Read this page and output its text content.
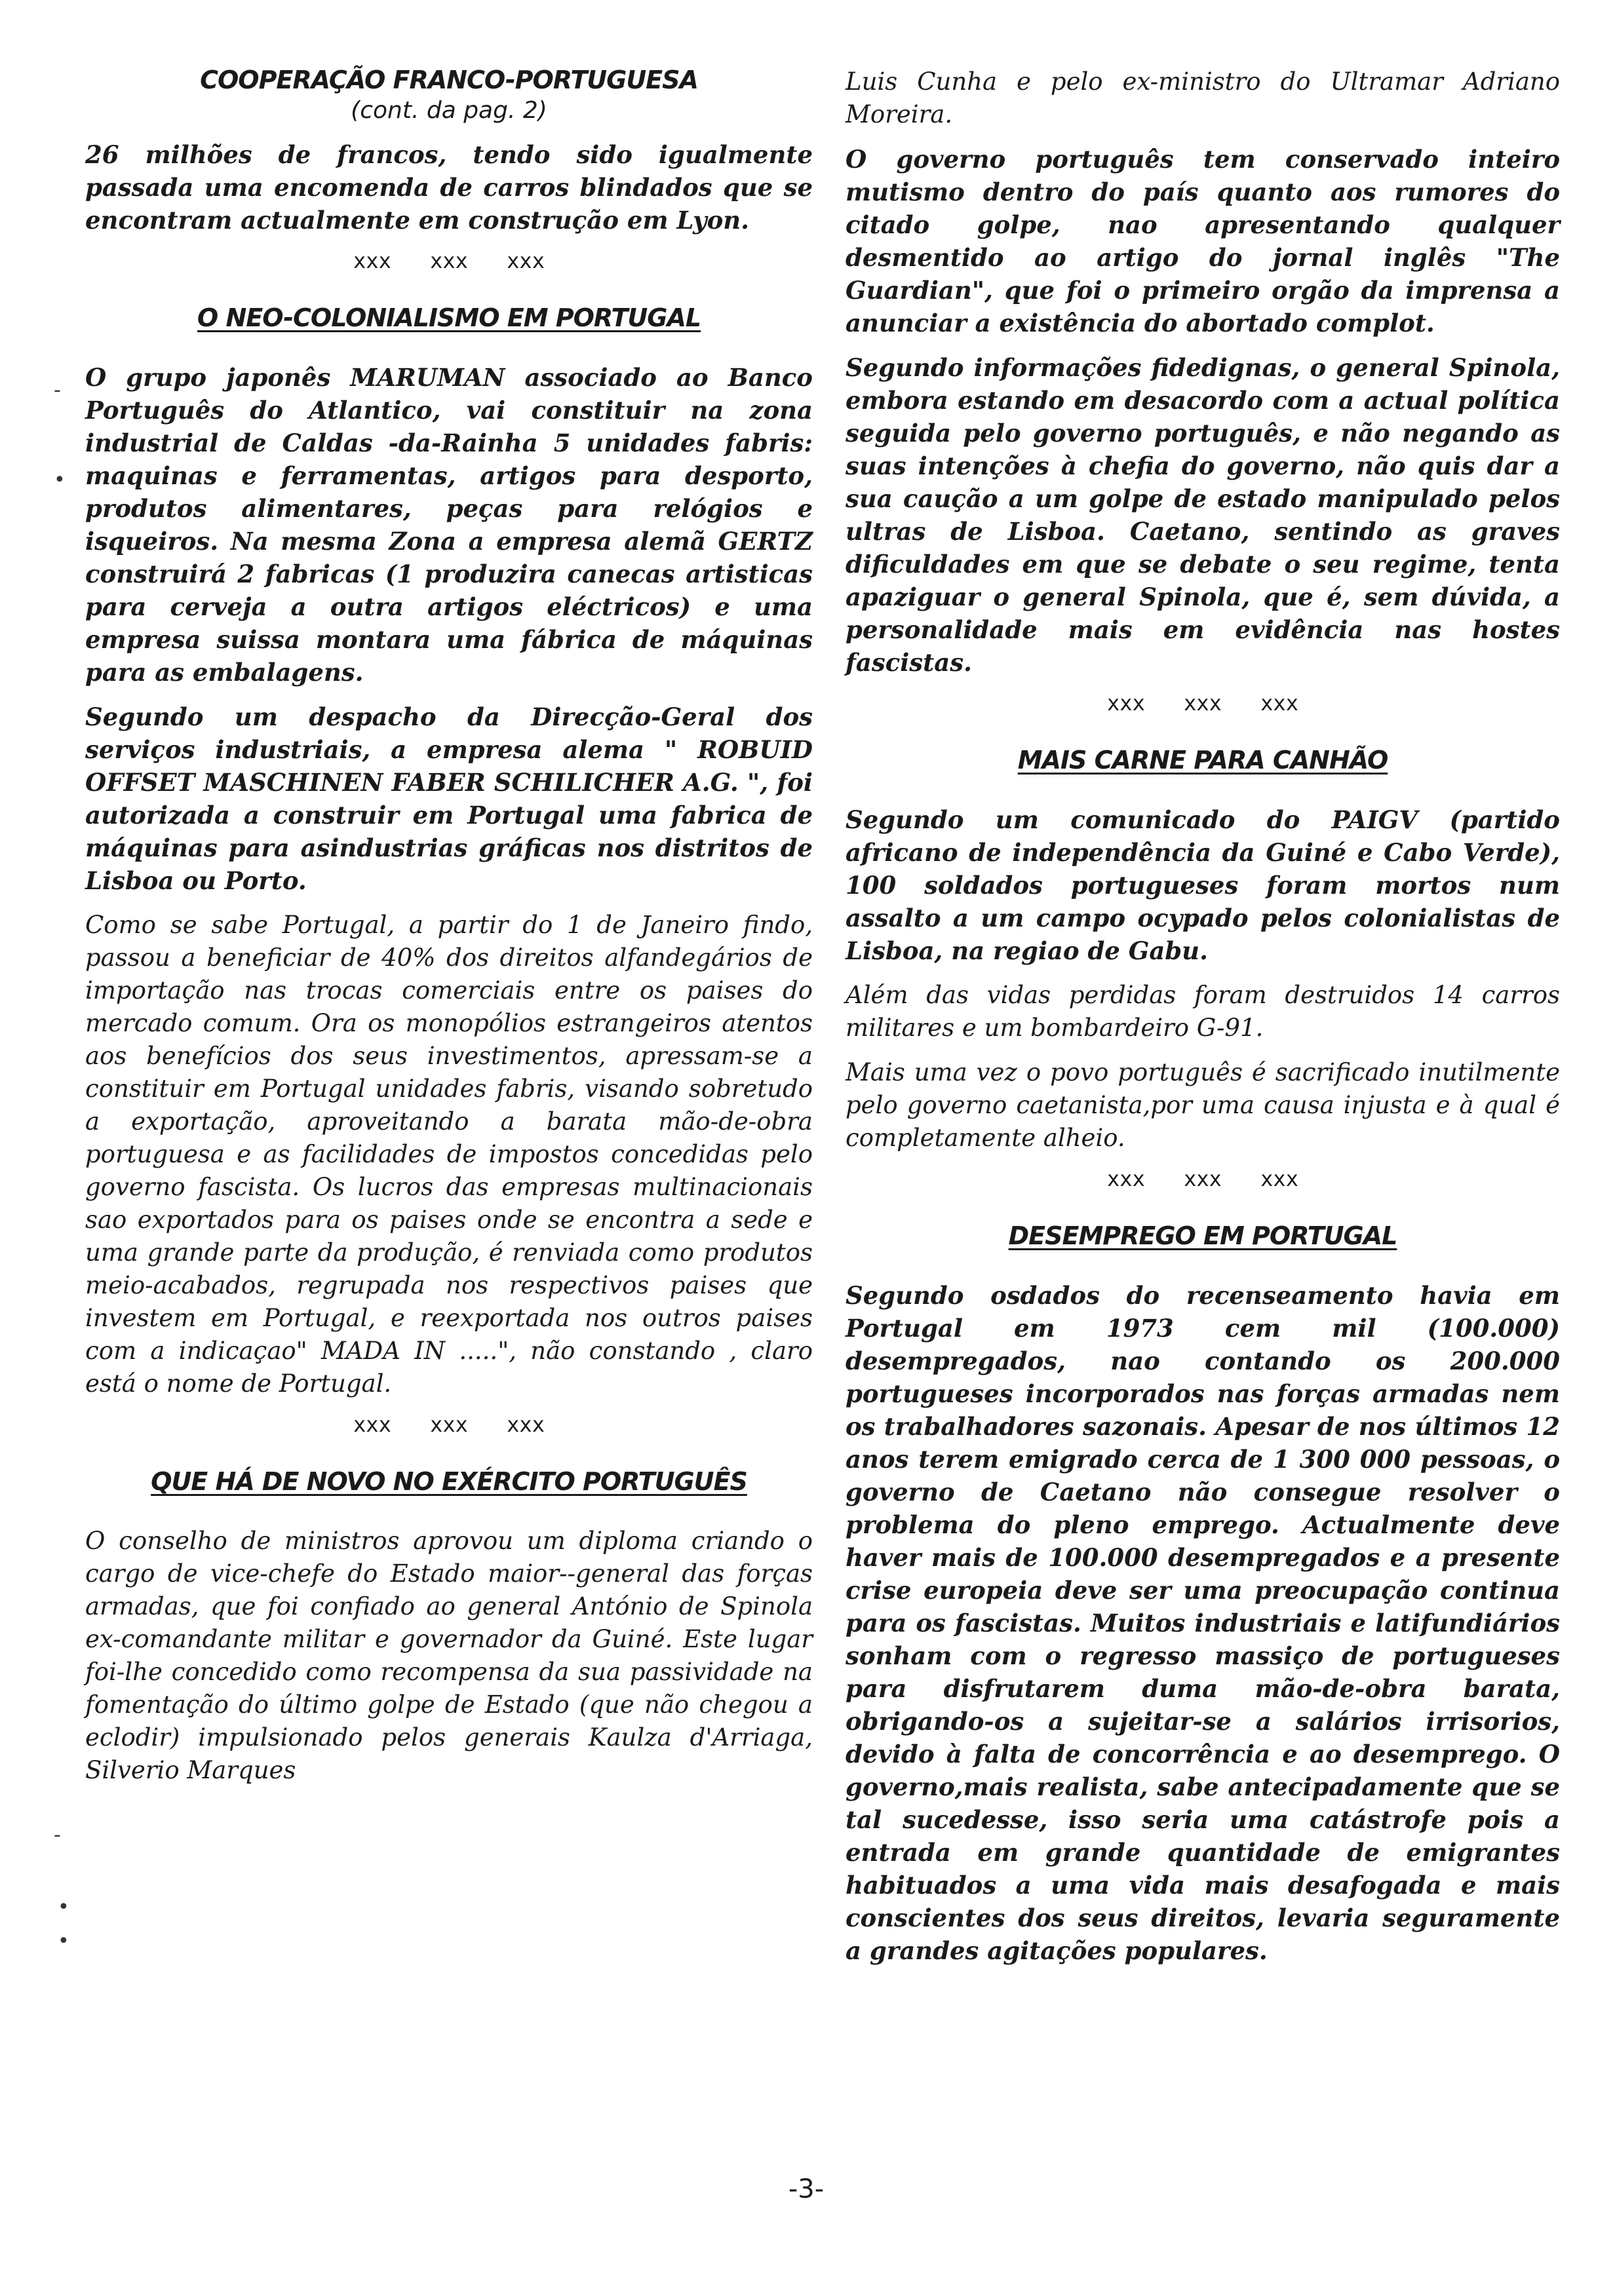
COOPERAÇÃO FRANCO-PORTUGUESA
(cont. da pag. 2)

26 milhões de francos, tendo sido igualmente passada uma encomenda de carros blindados que se encontram actualmente em construção em Lyon.

xxx xxx xxx
O NEO-COLONIALISMO EM PORTUGAL

O grupo japonês MARUMAN associado ao Banco Português do Atlantico, vai constituir na zona industrial de Caldas -da-Rainha 5 unidades fabris: maquinas e ferramentas, artigos para desporto, produtos alimentares, peças para relógios e isqueiros. Na mesma Zona a empresa alemã GERTZ construirá 2 fabricas (1 produzira canecas artisticas para cerveja a outra artigos eléctricos) e uma empresa suissa montara uma fábrica de máquinas para as embalagens.

Segundo um despacho da Direcção-Geral dos serviços industriais, a empresa alema " ROBUID OFFSET MASCHINEN FABER SCHILICHER A.G. ", foi autorizada a construir em Portugal uma fabrica de máquinas para asindustrias gráficas nos distritos de Lisboa ou Porto.

Como se sabe Portugal, a partir do 1 de Janeiro findo, passou a beneficiar de 40% dos direitos alfandegários de importação nas trocas comerciais entre os paises do mercado comum. Ora os monopólios estrangeiros atentos aos benefícios dos seus investimentos, apressam-se a constituir em Portugal unidades fabris, visando sobretudo a exportação, aproveitando a barata mão-de-obra portuguesa e as facilidades de impostos concedidas pelo governo fascista. Os lucros das empresas multinacionais sao exportados para os paises onde se encontra a sede e uma grande parte da produção, é renviada como produtos meio-acabados, regrupada nos respectivos paises que investem em Portugal, e reexportada nos outros paises com a indicaçao" MADA IN .....", não constando , claro está o nome de Portugal.

xxx xxx xxx
QUE HÁ DE NOVO NO EXÉRCITO PORTUGUÊS

O conselho de ministros aprovou um diploma criando o cargo de vice-chefe do Estado maior--general das forças armadas, que foi confiado ao general António de Spinola ex-comandante militar e governador da Guiné. Este lugar foi-lhe concedido como recompensa da sua passividade na fomentação do último golpe de Estado (que não chegou a eclodir) impulsionado pelos generais Kaulza d'Arriaga, Silverio Marques

Luis Cunha e pelo ex-ministro do Ultramar Adriano Moreira.

O governo português tem conservado inteiro mutismo dentro do país quanto aos rumores do citado golpe, nao apresentando qualquer desmentido ao artigo do jornal inglês "The Guardian", que foi o primeiro orgão da imprensa a anunciar a existência do abortado complot.

Segundo informações fidedignas, o general Spinola, embora estando em desacordo com a actual política seguida pelo governo português, e não negando as suas intenções à chefia do governo, não quis dar a sua caução a um golpe de estado manipulado pelos ultras de Lisboa. Caetano, sentindo as graves dificuldades em que se debate o seu regime, tenta apaziguar o general Spinola, que é, sem dúvida, a personalidade mais em evidência nas hostes fascistas.

xxx xxx xxx
MAIS CARNE PARA CANHÃO

Segundo um comunicado do PAIGV (partido africano de independência da Guiné e Cabo Verde), 100 soldados portugueses foram mortos num assalto a um campo ocypado pelos colonialistas de Lisboa, na regiao de Gabu.

Além das vidas perdidas foram destruidos 14 carros militares e um bombardeiro G-91.

Mais uma vez o povo português é sacrificado inutilmente pelo governo caetanista,por uma causa injusta e à qual é completamente alheio.

xxx xxx xxx
DESEMPREGO EM PORTUGAL

Segundo osdados do recenseamento havia em Portugal em 1973 cem mil (100.000) desempregados, nao contando os 200.000 portugueses incorporados nas forças armadas nem os trabalhadores sazonais. Apesar de nos últimos 12 anos terem emigrado cerca de 1 300 000 pessoas, o governo de Caetano não consegue resolver o problema do pleno emprego. Actualmente deve haver mais de 100.000 desempregados e a presente crise europeia deve ser uma preocupação continua para os fascistas. Muitos industriais e latifundiários sonham com o regresso massiço de portugueses para disfrutarem duma mão-de-obra barata, obrigando-os a sujeitar-se a salários irrisorios, devido à falta de concorrência e ao desemprego. O governo,mais realista, sabe antecipadamente que se tal sucedesse, isso seria uma catástrofe pois a entrada em grande quantidade de emigrantes habituados a uma vida mais desafogada e mais conscientes dos seus direitos, levaria seguramente a grandes agitações populares.

-3-
-
•
-
•
•
